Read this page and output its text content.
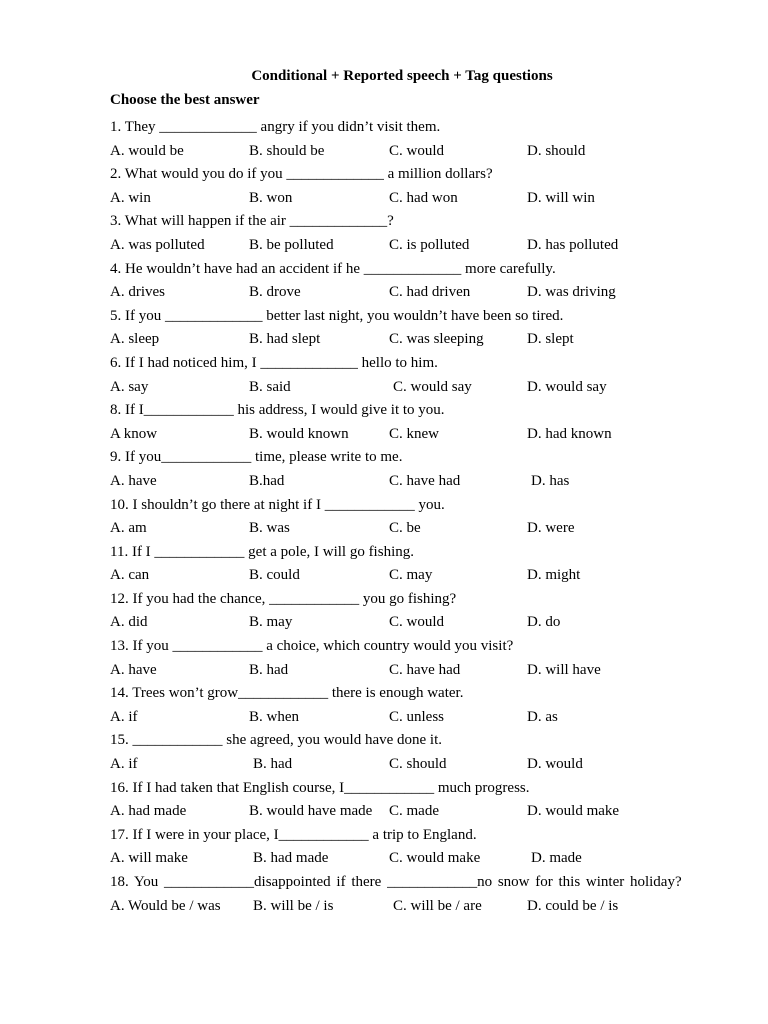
Conditional + Reported speech + Tag questions
Choose the best answer
1. They _____________ angry if you didn’t visit them.
A. would be	B. should be	C. would	D. should
2. What would you do if you _____________ a million dollars?
A. win	B. won	C. had won	D. will win
3. What will happen if the air _____________?
A. was polluted	B. be polluted	C. is polluted	D. has polluted
4. He wouldn’t have had an accident if he _____________ more carefully.
A. drives	B. drove	C. had driven	D. was driving
5. If you _____________ better last night, you wouldn’t have been so tired.
A. sleep	B. had slept	C. was sleeping	D. slept
6. If I had noticed him, I _____________ hello to him.
A. say	B. said	C. would say	D. would say
8. If I____________ his address, I would give it to you.
A know	B. would known	C. knew	D. had known
9. If you____________ time, please write to me.
A. have	B.had	C. have had	D. has
10. I shouldn’t go there at night if I ____________ you.
A. am	B. was	C. be	D. were
11. If I ____________ get a pole, I will go fishing.
A. can	B. could	C. may	D. might
12. If you had the chance, ____________ you go fishing?
A. did	B. may	C. would	D. do
13. If you ____________ a choice, which country would you visit?
A. have	B. had	C. have had	D. will have
14. Trees won’t grow____________ there is enough water.
A. if	B. when	C. unless	D. as
15. ____________ she agreed, you would have done it.
A. if	B. had	C. should	D. would
16. If I had taken that English course, I____________ much progress.
A. had made	B. would have made C. made	D. would make
17. If I were in your place, I____________ a trip to England.
A. will make	B. had made	C. would make	D. made
18. You ____________disappointed if there ____________no snow for this winter holiday?
A. Would be / was B. will be / is	C. will be / are	D. could be / is
